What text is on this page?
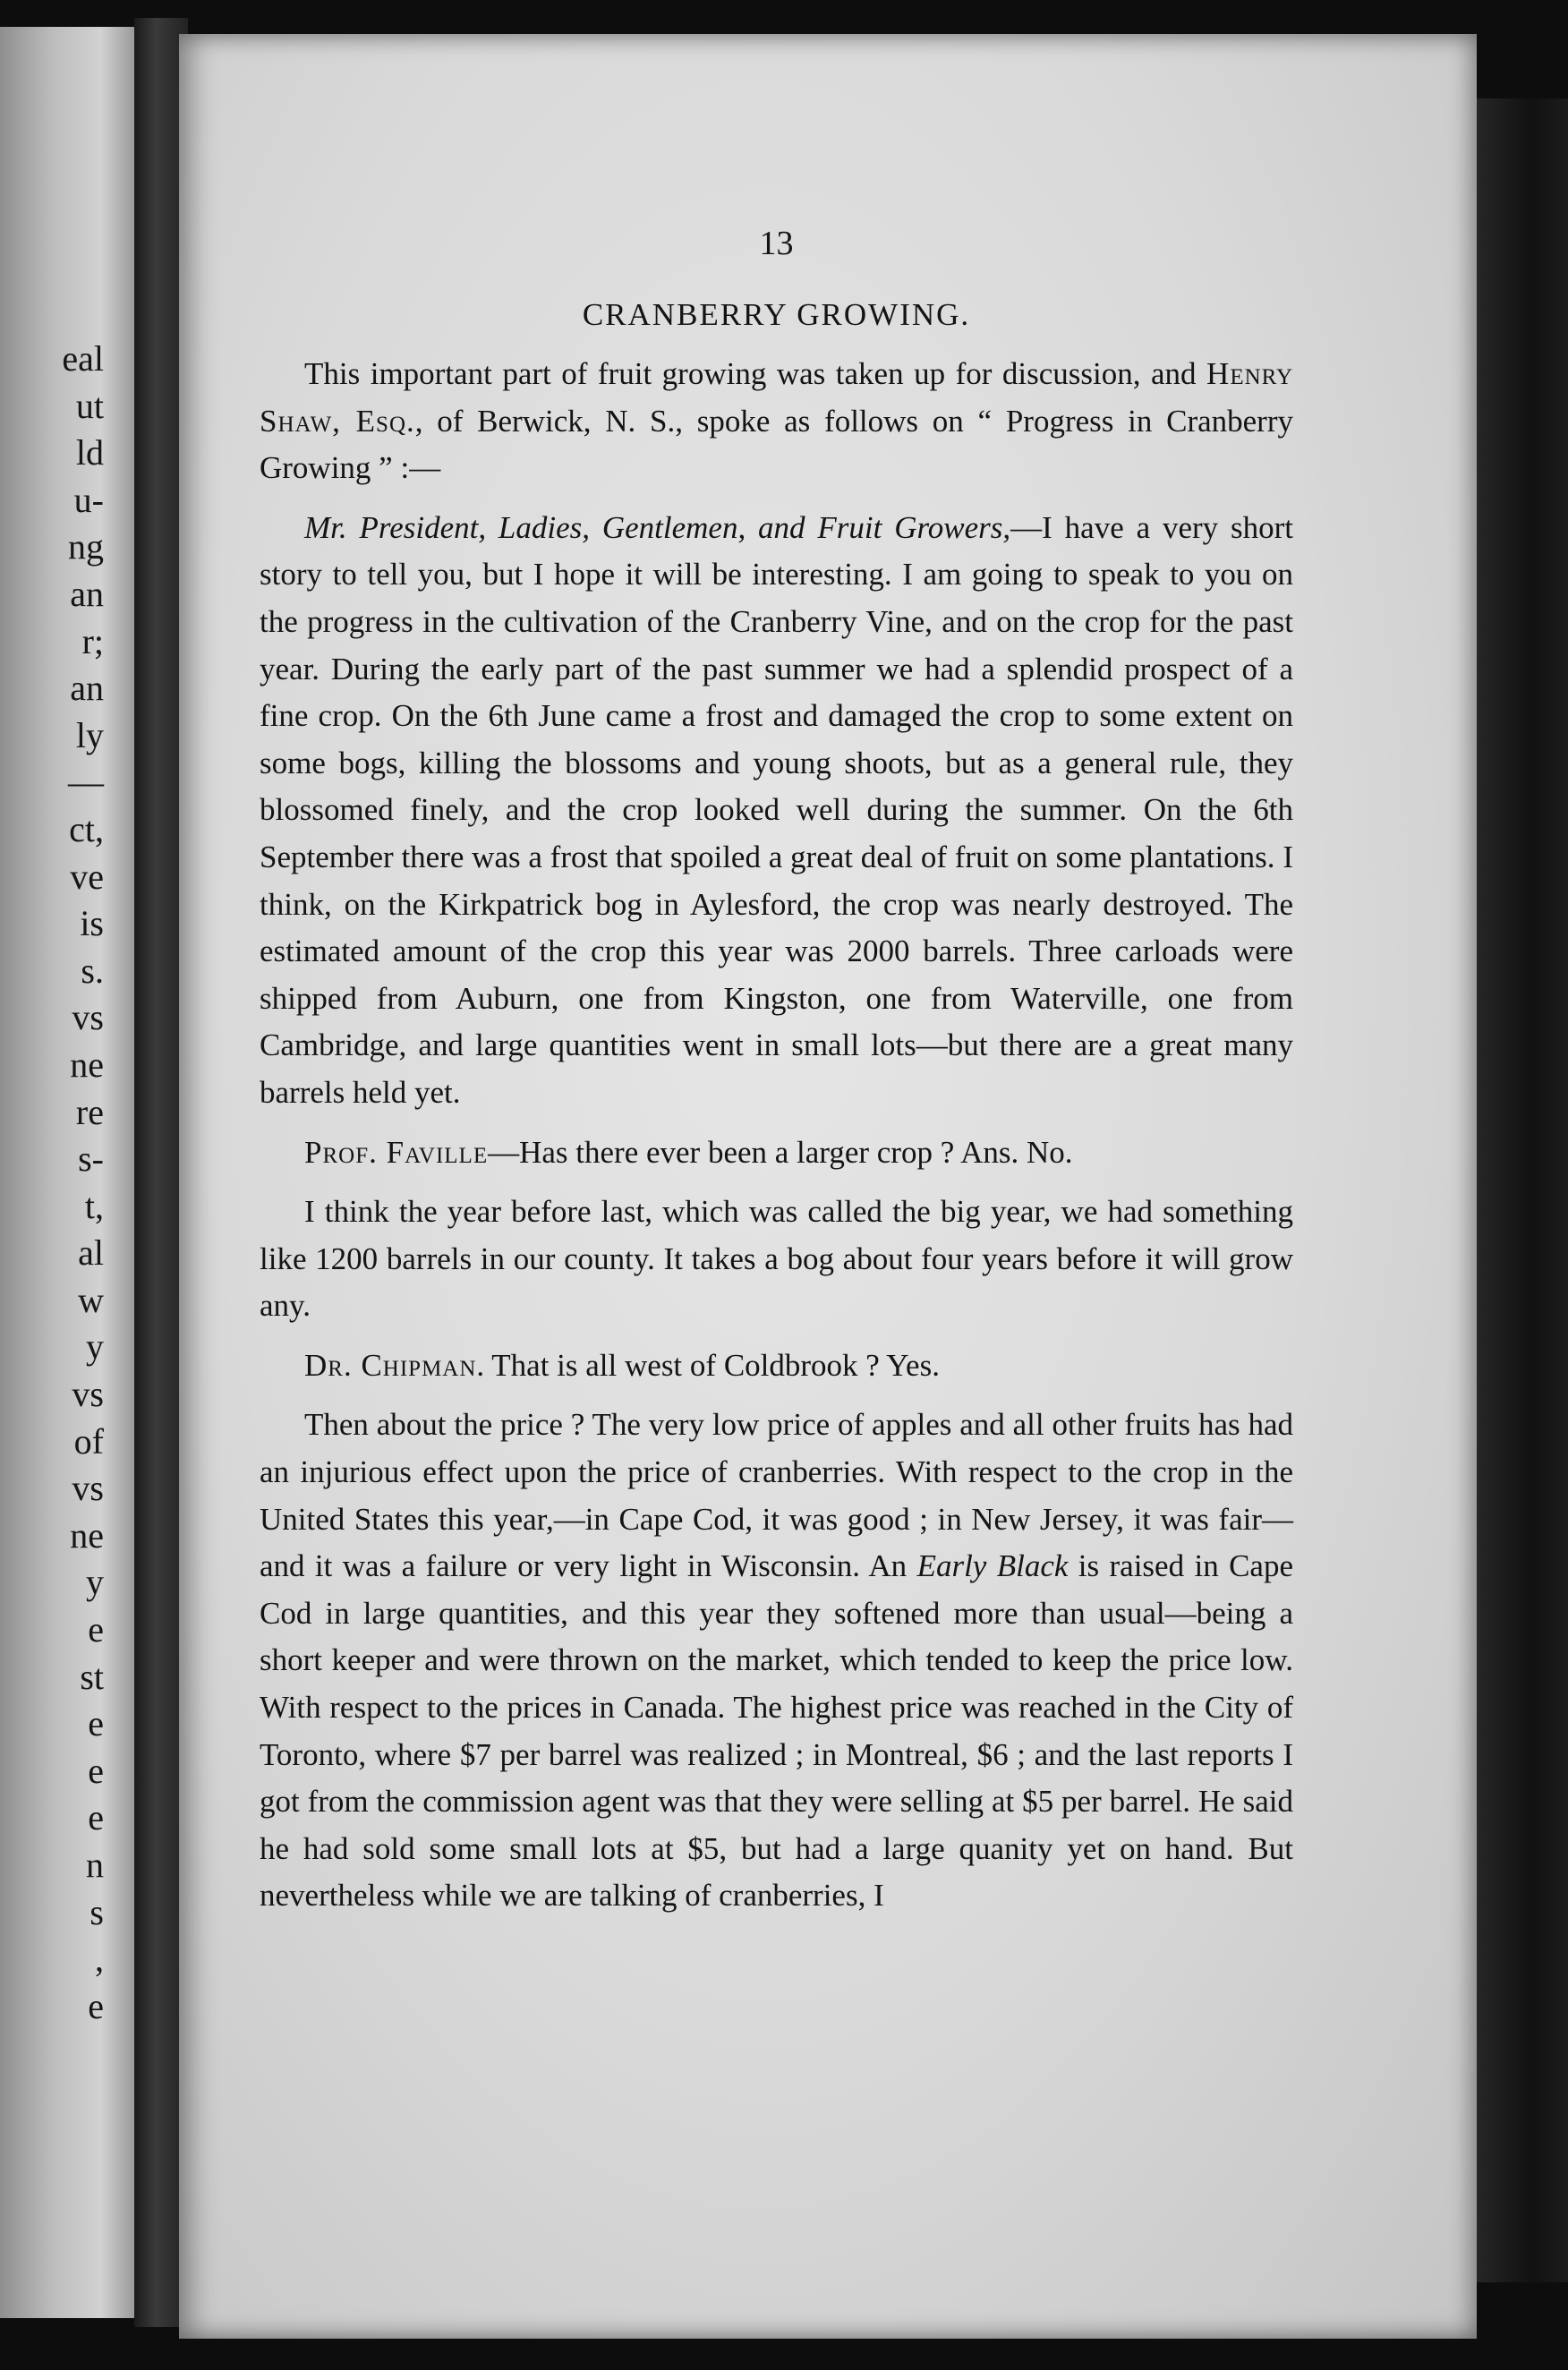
eal
ut
ld
u-
ng
an
r;
an
ly
—
ct,
ve
is
s.
vs
ne
re
s-
t,
al
w
y
vs
of
vs
ne
y
e
st
e
e
e
n
s
,
e
13
CRANBERRY GROWING.

This important part of fruit growing was taken up for discussion, and Henry Shaw, Esq., of Berwick, N. S., spoke as follows on “ Progress in Cranberry Growing ” :—

Mr. President, Ladies, Gentlemen, and Fruit Growers,—I have a very short story to tell you, but I hope it will be interesting. I am going to speak to you on the progress in the cultivation of the Cranberry Vine, and on the crop for the past year. During the early part of the past summer we had a splendid prospect of a fine crop. On the 6th June came a frost and damaged the crop to some extent on some bogs, killing the blossoms and young shoots, but as a general rule, they blossomed finely, and the crop looked well during the summer. On the 6th September there was a frost that spoiled a great deal of fruit on some plantations. I think, on the Kirkpatrick bog in Aylesford, the crop was nearly destroyed. The estimated amount of the crop this year was 2000 barrels. Three carloads were shipped from Auburn, one from Kingston, one from Waterville, one from Cambridge, and large quantities went in small lots—but there are a great many barrels held yet.

Prof. Faville—Has there ever been a larger crop ? Ans. No.

I think the year before last, which was called the big year, we had something like 1200 barrels in our county. It takes a bog about four years before it will grow any.

Dr. Chipman. That is all west of Coldbrook ? Yes.

Then about the price ? The very low price of apples and all other fruits has had an injurious effect upon the price of cranberries. With respect to the crop in the United States this year,—in Cape Cod, it was good ; in New Jersey, it was fair—and it was a failure or very light in Wisconsin. An Early Black is raised in Cape Cod in large quantities, and this year they softened more than usual—being a short keeper and were thrown on the market, which tended to keep the price low. With respect to the prices in Canada. The highest price was reached in the City of Toronto, where $7 per barrel was realized ; in Montreal, $6 ; and the last reports I got from the commission agent was that they were selling at $5 per barrel. He said he had sold some small lots at $5, but had a large quanity yet on hand. But nevertheless while we are talking of cranberries, I
